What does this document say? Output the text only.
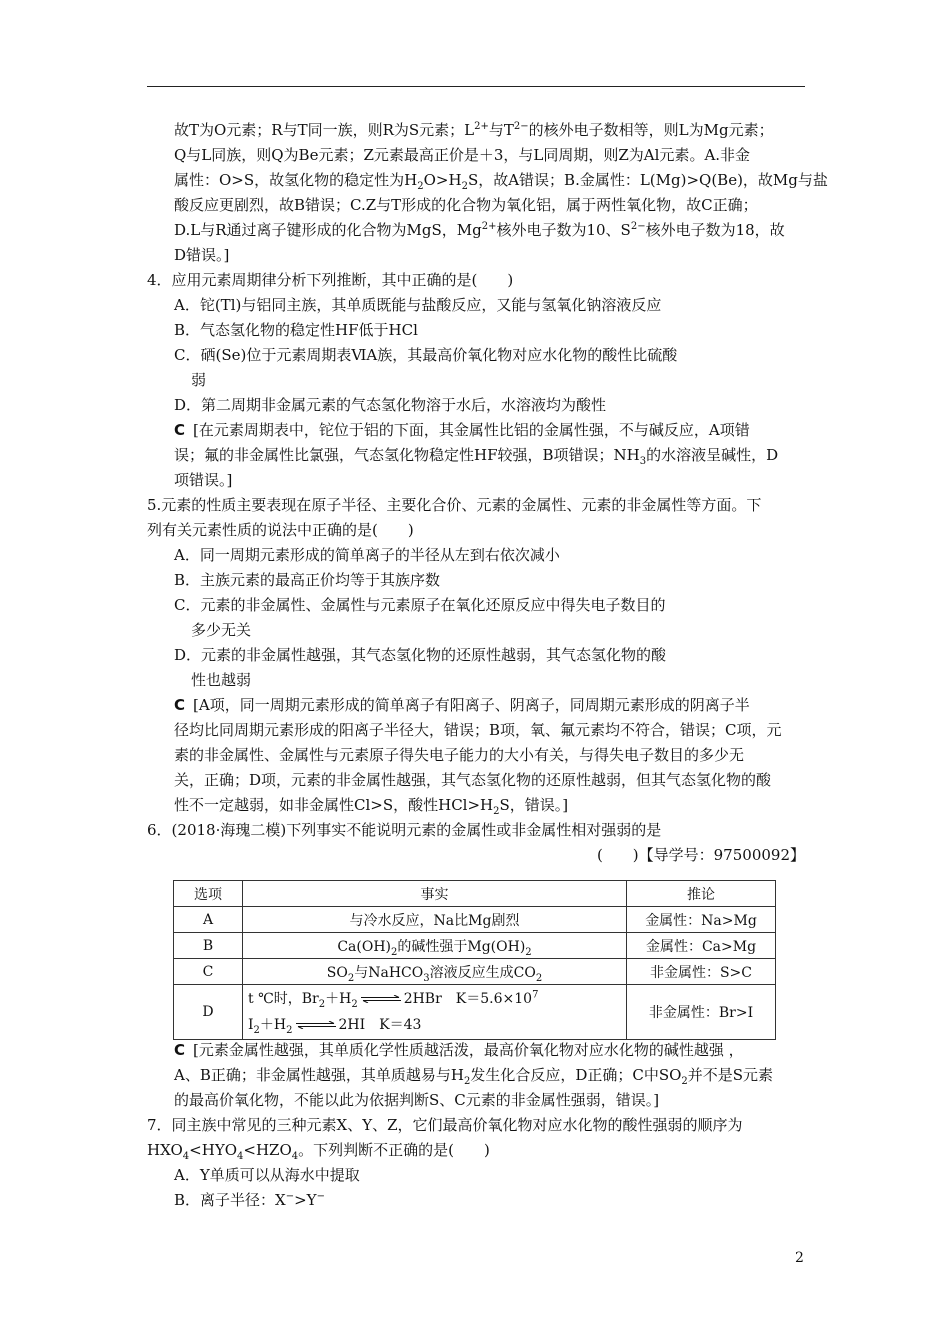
故T为O元素；R与T同一族，则R为S元素；$L^{2+}$与$T^{2-}$的核外电子数相等，则L为Mg元素；
Q与L同族，则Q为Be元素；Z元素最高正价是＋3，与L同周期，则Z为Al元素。A.非金
属性：O>S，故氢化物的稳定性为$H_2O>H_2S$，故A错误；B.金属性：L(Mg)>Q(Be)，故Mg与盐
酸反应更剧烈，故B错误；C.Z与T形成的化合物为氧化铝，属于两性氧化物，故C正确；
D.L与R通过离子键形成的化合物为MgS，$Mg^{2+}$核外电子数为10、$S^{2-}$核外电子数为18，故
D错误。]
4．应用元素周期律分析下列推断，其中正确的是(　　)
A．铊(Tl)与铝同主族，其单质既能与盐酸反应，又能与氢氧化钠溶液反应
B．气态氢化物的稳定性HF低于HCl
C．硒(Se)位于元素周期表ⅥA族，其最高价氧化物对应水化物的酸性比硫酸
弱
D．第二周期非金属元素的气态氢化物溶于水后，水溶液均为酸性
C [在元素周期表中，铊位于铝的下面，其金属性比铝的金属性强，不与碱反应，A项错
误；氟的非金属性比氯强，气态氢化物稳定性HF较强，B项错误；$NH_3$的水溶液呈碱性，D
项错误。]
5.元素的性质主要表现在原子半径、主要化合价、元素的金属性、元素的非金属性等方面。下
列有关元素性质的说法中正确的是(　　)
A．同一周期元素形成的简单离子的半径从左到右依次减小
B．主族元素的最高正价均等于其族序数
C．元素的非金属性、金属性与元素原子在氧化还原反应中得失电子数目的
多少无关
D．元素的非金属性越强，其气态氢化物的还原性越弱，其气态氢化物的酸
性也越弱
C [A项，同一周期元素形成的简单离子有阳离子、阴离子，同周期元素形成的阴离子半
径均比同周期元素形成的阳离子半径大，错误；B项，氧、氟元素均不符合，错误；C项，元
素的非金属性、金属性与元素原子得失电子能力的大小有关，与得失电子数目的多少无
关，正确；D项，元素的非金属性越强，其气态氢化物的还原性越弱，但其气态氢化物的酸
性不一定越弱，如非金属性Cl>S，酸性$HCl>H_2S$，错误。]
6．(2018·海瑰二模)下列事实不能说明元素的金属性或非金属性相对强弱的是
(　　)【导学号：97500092】
选项	事实	推论
A	与冷水反应，Na比Mg剧烈	金属性：Na>Mg
B	$Ca(OH)_2$的碱性强于$Mg(OH)_2$	金属性：Ca>Mg
C	$SO_2$与NaHCO$_3$溶液反应生成$CO_2$	非金属性：S>C
D	t ℃时，$Br_2+H_2$ ⇌ 2HBr　$K=5.6\times 10^7$
$I_2+H_2$ ⇌ 2HI　K＝43	非金属性：Br>I
C [元素金属性越强，其单质化学性质越活泼，最高价氧化物对应水化物的碱性越强 ，
A、B正确；非金属性越强，其单质越易与$H_2$发生化合反应，D正确；C中$SO_2$并不是S元素
的最高价氧化物，不能以此为依据判断S、C元素的非金属性强弱，错误。]
7．同主族中常见的三种元素X、Y、Z，它们最高价氧化物对应水化物的酸性强弱的顺序为
$HXO_4<HYO_4<HZO_4$。下列判断不正确的是(　　)
A．Y单质可以从海水中提取
B．离子半径：X−>Y−
2
